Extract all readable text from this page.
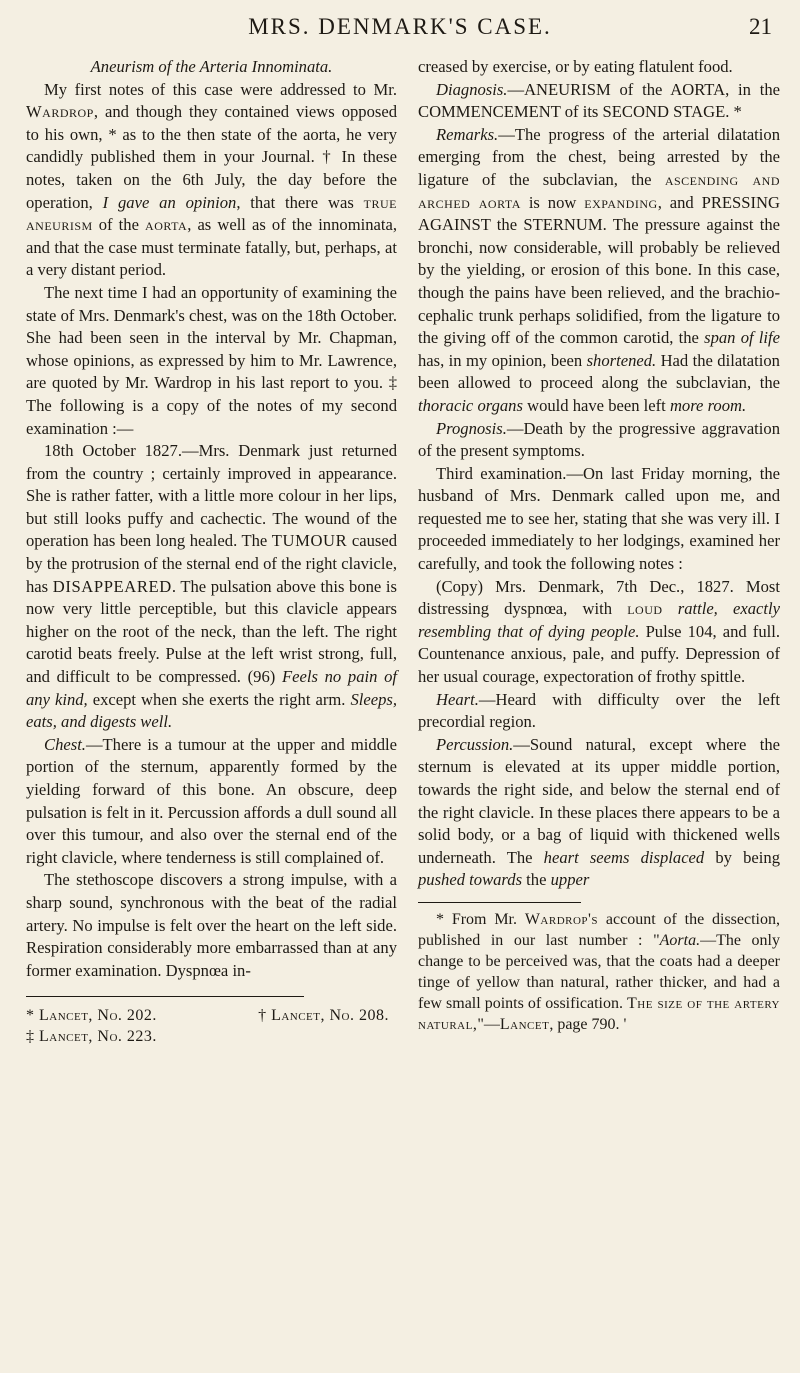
MRS. DENMARK'S CASE.	21

Aneurism of the Arteria Innominata.

My first notes of this case were addressed to Mr. Wardrop, and though they contained views opposed to his own, * as to the then state of the aorta, he very candidly published them in your Journal. † In these notes, taken on the 6th July, the day before the operation, I gave an opinion, that there was true aneurism of the aorta, as well as of the innominata, and that the case must terminate fatally, but, perhaps, at a very distant period.

The next time I had an opportunity of examining the state of Mrs. Denmark's chest, was on the 18th October. She had been seen in the interval by Mr. Chapman, whose opinions, as expressed by him to Mr. Lawrence, are quoted by Mr. Wardrop in his last report to you. ‡ The following is a copy of the notes of my second examination :—

18th October 1827.—Mrs. Denmark just returned from the country ; certainly improved in appearance. She is rather fatter, with a little more colour in her lips, but still looks puffy and cachectic. The wound of the operation has been long healed. The TUMOUR caused by the protrusion of the sternal end of the right clavicle, has DISAPPEARED. The pulsation above this bone is now very little perceptible, but this clavicle appears higher on the root of the neck, than the left. The right carotid beats freely. Pulse at the left wrist strong, full, and difficult to be compressed. (96) Feels no pain of any kind, except when she exerts the right arm. Sleeps, eats, and digests well.

Chest.—There is a tumour at the upper and middle portion of the sternum, apparently formed by the yielding forward of this bone. An obscure, deep pulsation is felt in it. Percussion affords a dull sound all over this tumour, and also over the sternal end of the right clavicle, where tenderness is still complained of.

The stethoscope discovers a strong impulse, with a sharp sound, synchronous with the beat of the radial artery. No impulse is felt over the heart on the left side. Respiration considerably more embarrassed than at any former examination. Dyspnœa in-

* Lancet, No. 202.	† Lancet, No. 208.
‡ Lancet, No. 223.

creased by exercise, or by eating flatulent food.

Diagnosis.—ANEURISM of the AORTA, in the COMMENCEMENT of its SECOND STAGE. *

Remarks.—The progress of the arterial dilatation emerging from the chest, being arrested by the ligature of the subclavian, the ascending and arched aorta is now expanding, and PRESSING AGAINST the STERNUM. The pressure against the bronchi, now considerable, will probably be relieved by the yielding, or erosion of this bone. In this case, though the pains have been relieved, and the brachio-cephalic trunk perhaps solidified, from the ligature to the giving off of the common carotid, the span of life has, in my opinion, been shortened. Had the dilatation been allowed to proceed along the subclavian, the thoracic organs would have been left more room.

Prognosis.—Death by the progressive aggravation of the present symptoms.

Third examination.—On last Friday morning, the husband of Mrs. Denmark called upon me, and requested me to see her, stating that she was very ill. I proceeded immediately to her lodgings, examined her carefully, and took the following notes :

(Copy) Mrs. Denmark, 7th Dec., 1827. Most distressing dyspnœa, with loud rattle, exactly resembling that of dying people. Pulse 104, and full. Countenance anxious, pale, and puffy. Depression of her usual courage, expectoration of frothy spittle.

Heart.—Heard with difficulty over the left precordial region.

Percussion.—Sound natural, except where the sternum is elevated at its upper middle portion, towards the right side, and below the sternal end of the right clavicle. In these places there appears to be a solid body, or a bag of liquid with thickened wells underneath. The heart seems displaced by being pushed towards the upper

* From Mr. Wardrop's account of the dissection, published in our last number : "Aorta.—The only change to be perceived was, that the coats had a deeper tinge of yellow than natural, rather thicker, and had a few small points of ossification. The size of the artery natural,"—Lancet, page 790. '
